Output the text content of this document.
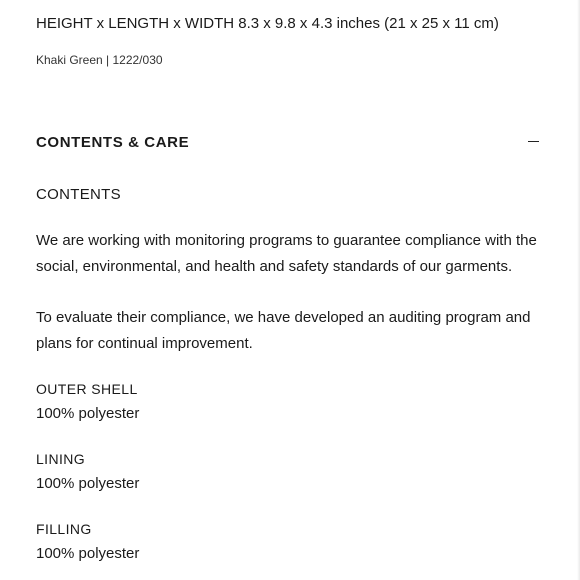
HEIGHT x LENGTH x WIDTH 8.3 x 9.8 x 4.3 inches (21 x 25 x 11 cm)
Khaki Green | 1222/030
CONTENTS & CARE
CONTENTS
We are working with monitoring programs to guarantee compliance with the social, environmental, and health and safety standards of our garments.
To evaluate their compliance, we have developed an auditing program and plans for continual improvement.
OUTER SHELL
100% polyester
LINING
100% polyester
FILLING
100% polyester
